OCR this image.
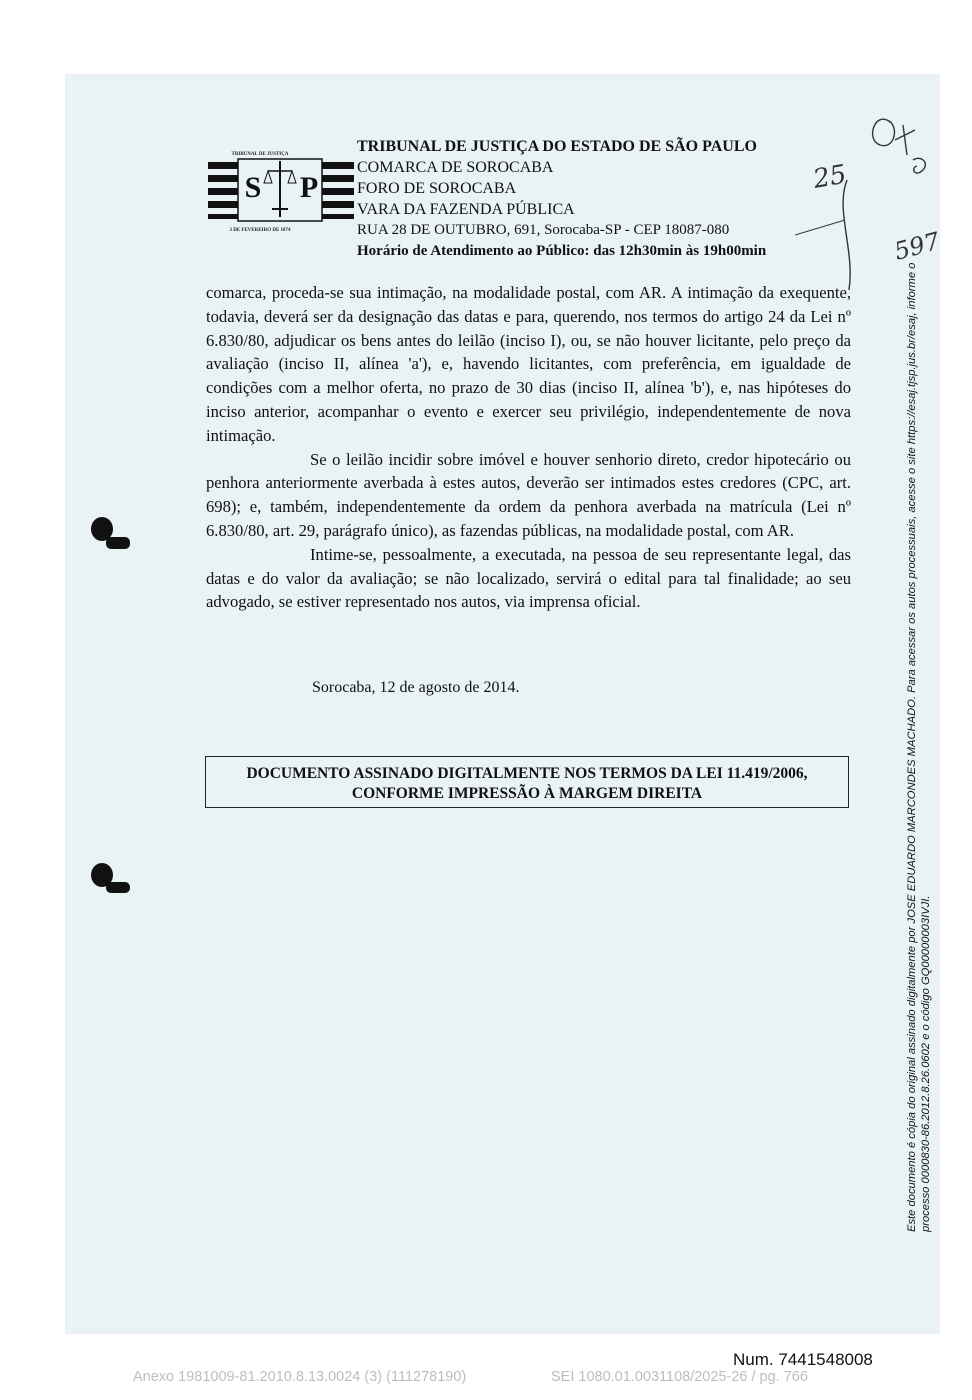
TRIBUNAL DE JUSTIÇA
S P
3 DE FEVEREIRO DE 1874
TRIBUNAL DE JUSTIÇA DO ESTADO DE SÃO PAULO
COMARCA DE SOROCABA
FORO DE SOROCABA
VARA DA FAZENDA PÚBLICA
RUA 28 DE OUTUBRO, 691, Sorocaba-SP - CEP 18087-080
Horário de Atendimento ao Público: das 12h30min às 19h00min
25
597

comarca, proceda-se sua intimação, na modalidade postal, com AR. A intimação da exequente, todavia, deverá ser da designação das datas e para, querendo, nos termos do artigo 24 da Lei nº 6.830/80, adjudicar os bens antes do leilão (inciso I), ou, se não houver licitante, pelo preço da avaliação (inciso II, alínea 'a'), e, havendo licitantes, com preferência, em igualdade de condições com a melhor oferta, no prazo de 30 dias (inciso II, alínea 'b'), e, nas hipóteses do inciso anterior, acompanhar o evento e exercer seu privilégio, independentemente de nova intimação.

Se o leilão incidir sobre imóvel e houver senhorio direto, credor hipotecário ou penhora anteriormente averbada à estes autos, deverão ser intimados estes credores (CPC, art. 698); e, também, independentemente da ordem da penhora averbada na matrícula (Lei nº 6.830/80, art. 29, parágrafo único), as fazendas públicas, na modalidade postal, com AR.

Intime-se, pessoalmente, a executada, na pessoa de seu representante legal, das datas e do valor da avaliação; se não localizado, servirá o edital para tal finalidade; ao seu advogado, se estiver representado nos autos, via imprensa oficial.

Sorocaba, 12 de agosto de 2014.
DOCUMENTO ASSINADO DIGITALMENTE NOS TERMOS DA LEI 11.419/2006,
CONFORME IMPRESSÃO À MARGEM DIREITA	Este documento é cópia do original assinado digitalmente por JOSE EDUARDO MARCONDES MACHADO. Para acessar os autos processuais, acesse o site https://esaj.tjsp.jus.br/esaj, informe o processo 0000830-86.2012.8.26.0602 e o código GQ00000003IVJI.
Num. 7441548008
Anexo 1981009-81.2010.8.13.0024 (3) (111278190)	SEI 1080.01.0031108/2025-26 / pg. 766
